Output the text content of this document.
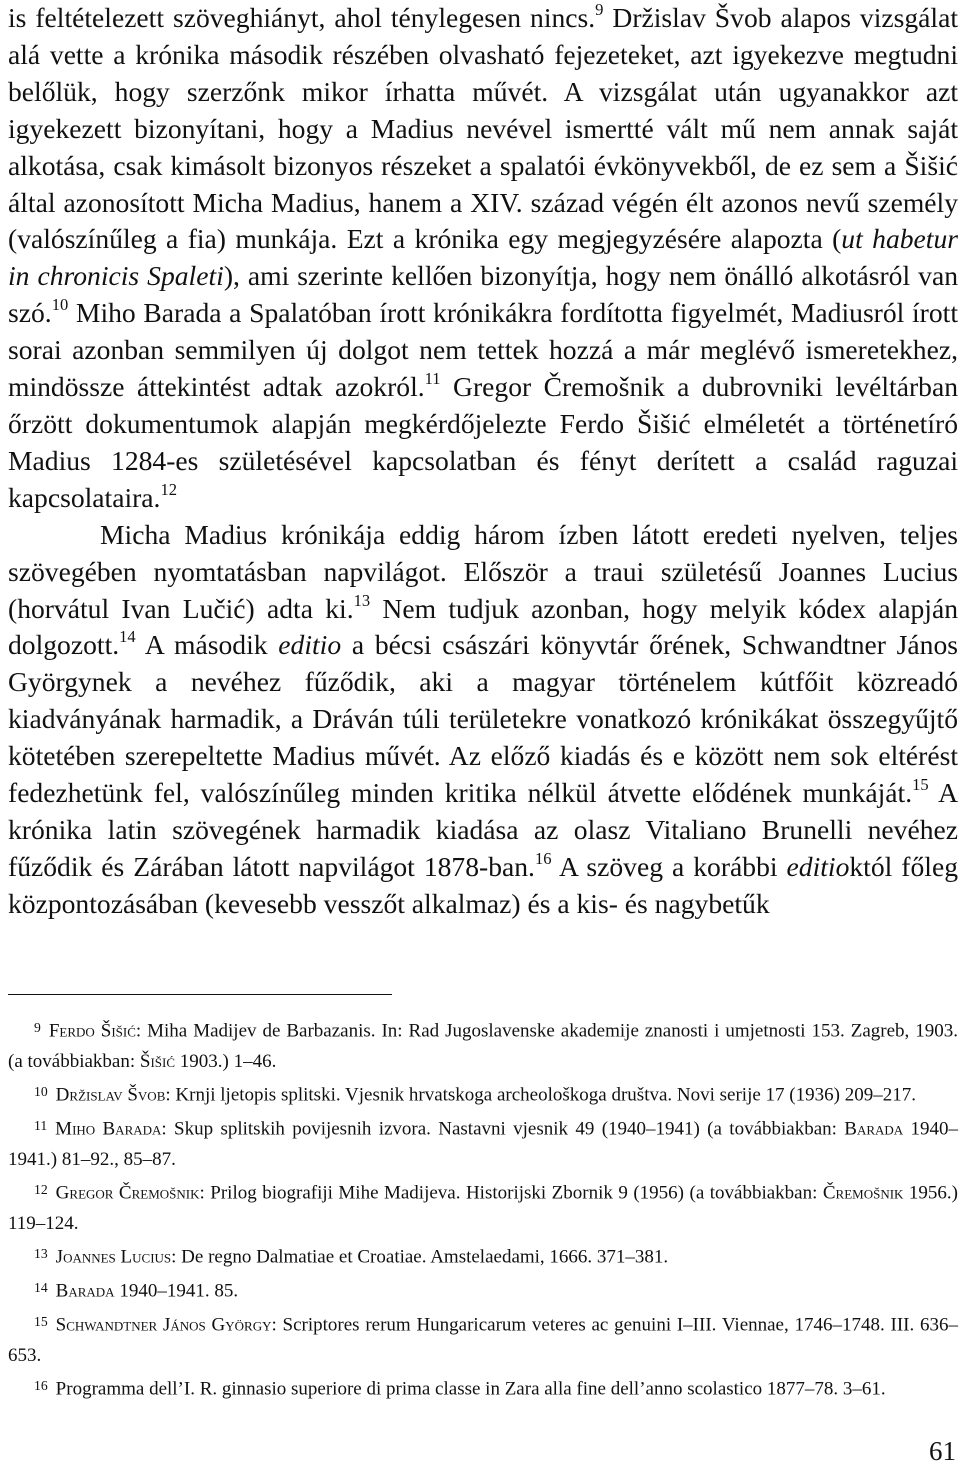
is feltételezett szöveghiányt, ahol ténylegesen nincs.$^9$ Držislav Švob alapos vizsgálat alá vette a krónika második részében olvasható fejezeteket, azt igyekezve megtudni belőlük, hogy szerzőnk mikor írhatta művét. A vizsgálat után ugyanakkor azt igyekezett bizonyítani, hogy a Madius nevével ismertté vált mű nem annak saját alkotása, csak kimásolt bizonyos részeket a spalatói évkönyvekből, de ez sem a Šišić által azonosított Micha Madius, hanem a XIV. század végén élt azonos nevű személy (valószínűleg a fia) munkája. Ezt a krónika egy megjegyzésére alapozta (ut habetur in chronicis Spaleti), ami szerinte kellően bizonyítja, hogy nem önálló alkotásról van szó.$^{10}$ Miho Barada a Spalatóban írott krónikákra fordította figyelmét, Madiusról írott sorai azonban semmilyen új dolgot nem tettek hozzá a már meglévő ismeretekhez, mindössze áttekintést adtak azokról.$^{11}$ Gregor Čremošnik a dubrovniki levéltárban őrzött dokumentumok alapján megkérdőjelezte Ferdo Šišić elméletét a történetíró Madius 1284-es születésével kapcsolatban és fényt derített a család raguzai kapcsolataira.$^{12}$

Micha Madius krónikája eddig három ízben látott eredeti nyelven, teljes szövegében nyomtatásban napvilágot. Először a traui születésű Joannes Lucius (horvátul Ivan Lučić) adta ki.$^{13}$ Nem tudjuk azonban, hogy melyik kódex alapján dolgozott.$^{14}$ A második editio a bécsi császári könyvtár őrének, Schwandtner János Györgynek a nevéhez fűződik, aki a magyar történelem kútfőit közreadó kiadványának harmadik, a Dráván túli területekre vonatkozó krónikákat összegyűjtő kötetében szerepeltette Madius művét. Az előző kiadás és e között nem sok eltérést fedezhetünk fel, valószínűleg minden kritika nélkül átvette elődének munkáját.$^{15}$ A krónika latin szövegének harmadik kiadása az olasz Vitaliano Brunelli nevéhez fűződik és Zárában látott napvilágot 1878-ban.$^{16}$ A szöveg a korábbi editioktól főleg központozásában (kevesebb vesszőt alkalmaz) és a kis- és nagybetűk

$^9$ Ferdo Šišić: Miha Madijev de Barbazanis. In: Rad Jugoslavenske akademije znanosti i umjetnosti 153. Zagreb, 1903. (a továbbiakban: Šišić 1903.) 1–46.

$^{10}$ Držislav Švob: Krnji ljetopis splitski. Vjesnik hrvatskoga archeološkoga društva. Novi serije 17 (1936) 209–217.

$^{11}$ Miho Barada: Skup splitskih povijesnih izvora. Nastavni vjesnik 49 (1940–1941) (a továbbiakban: Barada 1940–1941.) 81–92., 85–87.

$^{12}$ Gregor Čremošnik: Prilog biografiji Mihe Madijeva. Historijski Zbornik 9 (1956) (a továbbiakban: Čremošnik 1956.) 119–124.

$^{13}$ Joannes Lucius: De regno Dalmatiae et Croatiae. Amstelaedami, 1666. 371–381.

$^{14}$ Barada 1940–1941. 85.

$^{15}$ Schwandtner János György: Scriptores rerum Hungaricarum veteres ac genuini I–III. Viennae, 1746–1748. III. 636–653.

$^{16}$ Programma dell’I. R. ginnasio superiore di prima classe in Zara alla fine dell’anno scolastico 1877–78. 3–61.

61
